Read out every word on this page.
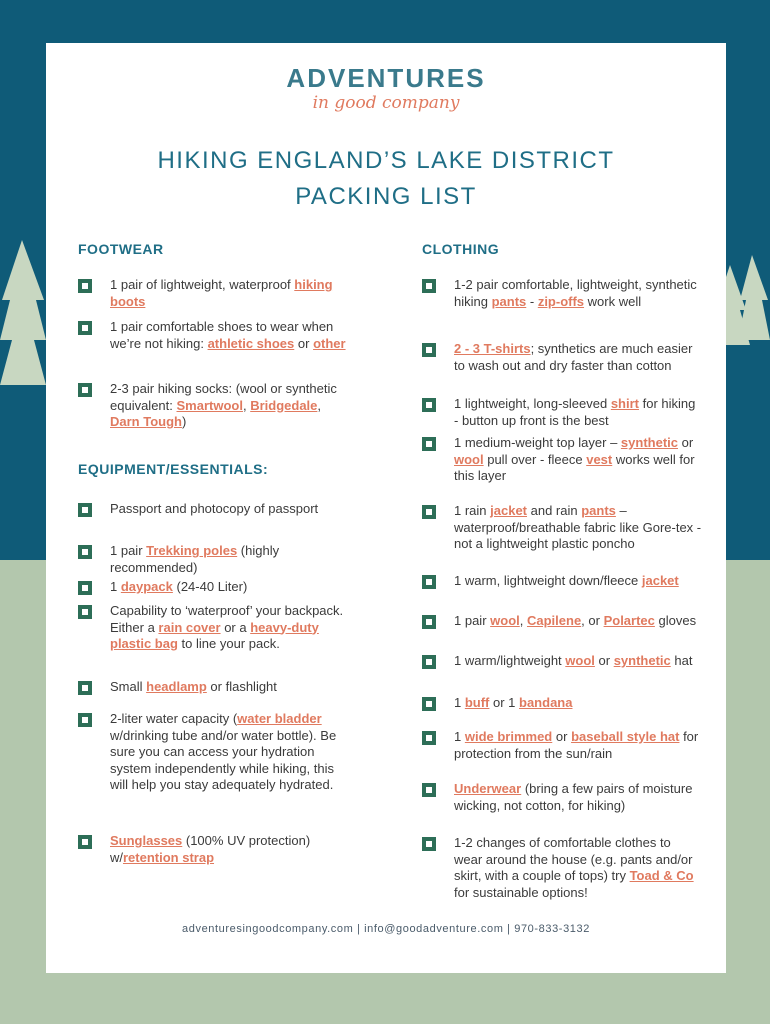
ADVENTURES
in good company
HIKING ENGLAND’S LAKE DISTRICT
PACKING LIST
FOOTWEAR
1 pair of lightweight, waterproof hiking boots
1 pair comfortable shoes to wear when we’re not hiking: athletic shoes or other
2-3 pair hiking socks: (wool or synthetic equivalent: Smartwool, Bridgedale, Darn Tough)
EQUIPMENT/ESSENTIALS:
Passport and photocopy of passport
1 pair Trekking poles (highly recommended)
1 daypack (24-40 Liter)
Capability to ‘waterproof’ your backpack. Either a rain cover or a heavy-duty plastic bag to line your pack.
Small headlamp or flashlight
2-liter water capacity (water bladder w/drinking tube and/or water bottle). Be sure you can access your hydration system independently while hiking, this will help you stay adequately hydrated.
Sunglasses (100% UV protection) w/retention strap
CLOTHING
1-2 pair comfortable, lightweight, synthetic hiking pants - zip-offs work well
2 - 3 T-shirts; synthetics are much easier to wash out and dry faster than cotton
1 lightweight, long-sleeved shirt for hiking - button up front is the best
1 medium-weight top layer – synthetic or wool pull over - fleece vest works well for this layer
1 rain jacket and rain pants – waterproof/breathable fabric like Gore-tex - not a lightweight plastic poncho
1 warm, lightweight down/fleece jacket
1 pair wool, Capilene, or Polartec gloves
1 warm/lightweight wool or synthetic hat
1 buff or 1 bandana
1 wide brimmed or baseball style hat for protection from the sun/rain
Underwear (bring a few pairs of moisture wicking, not cotton, for hiking)
1-2 changes of comfortable clothes to wear around the house (e.g. pants and/or skirt, with a couple of tops) try Toad & Co for sustainable options!
adventuresingoodcompany.com | info@goodadventure.com | 970-833-3132
